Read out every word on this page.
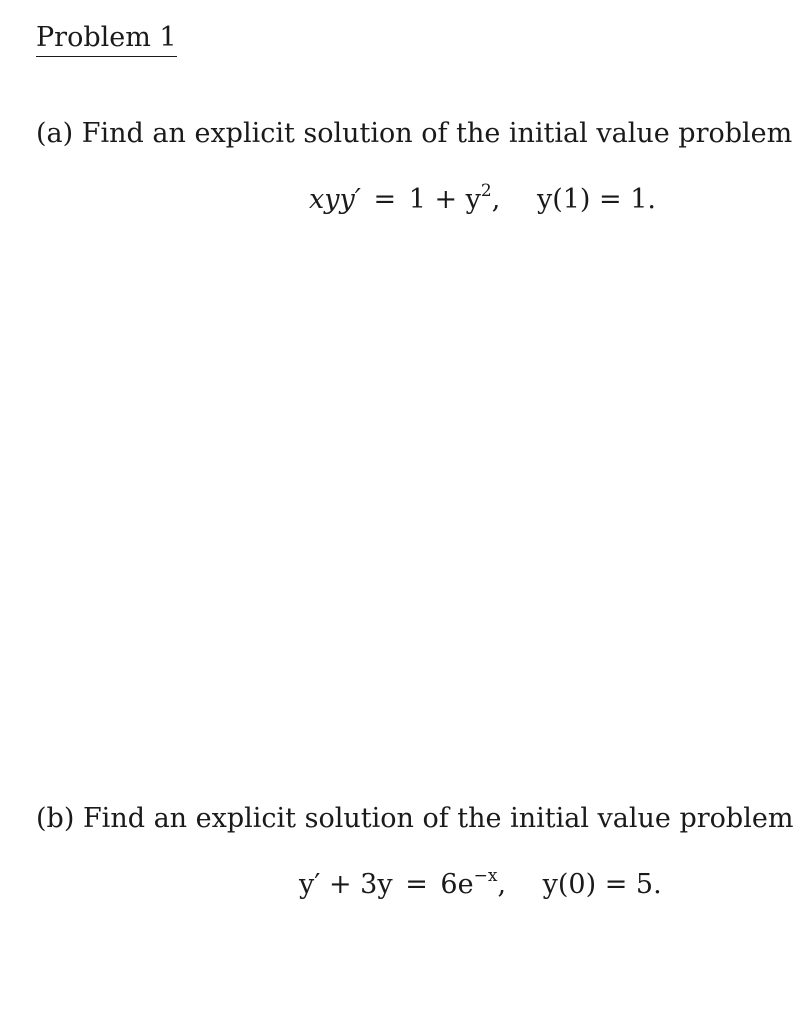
Problem 1
(a) Find an explicit solution of the initial value problem
$xyy' = 1 + y^2$, y(1) = 1.
(b) Find an explicit solution of the initial value problem
$y' + 3y = 6e^{-x}$, y(0) = 5.
